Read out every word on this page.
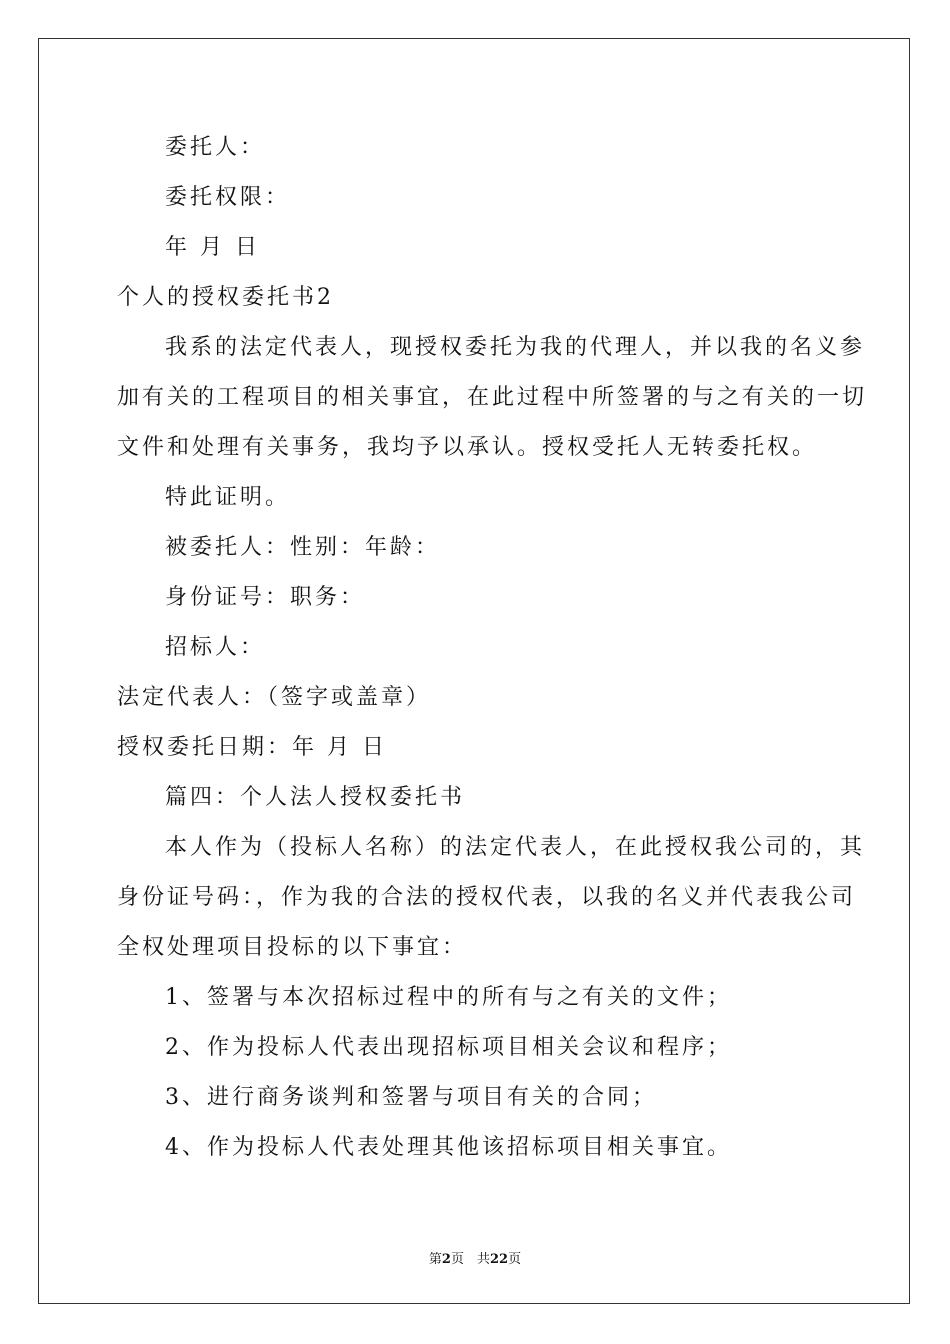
委托人：
委托权限：
年 月 日
个人的授权委托书2
我系的法定代表人，现授权委托为我的代理人，并以我的名义参
加有关的工程项目的相关事宜，在此过程中所签署的与之有关的一切
文件和处理有关事务，我均予以承认。授权受托人无转委托权。
特此证明。
被委托人：性别：年龄：
身份证号：职务：
招标人：
法定代表人：（签字或盖章）
授权委托日期：年 月 日
篇四：个人法人授权委托书
本人作为（投标人名称）的法定代表人，在此授权我公司的，其
身份证号码：，作为我的合法的授权代表，以我的名义并代表我公司
全权处理项目投标的以下事宜：
1、签署与本次招标过程中的所有与之有关的文件；
2、作为投标人代表出现招标项目相关会议和程序；
3、进行商务谈判和签署与项目有关的合同；
4、作为投标人代表处理其他该招标项目相关事宜。
第2页　共22页
